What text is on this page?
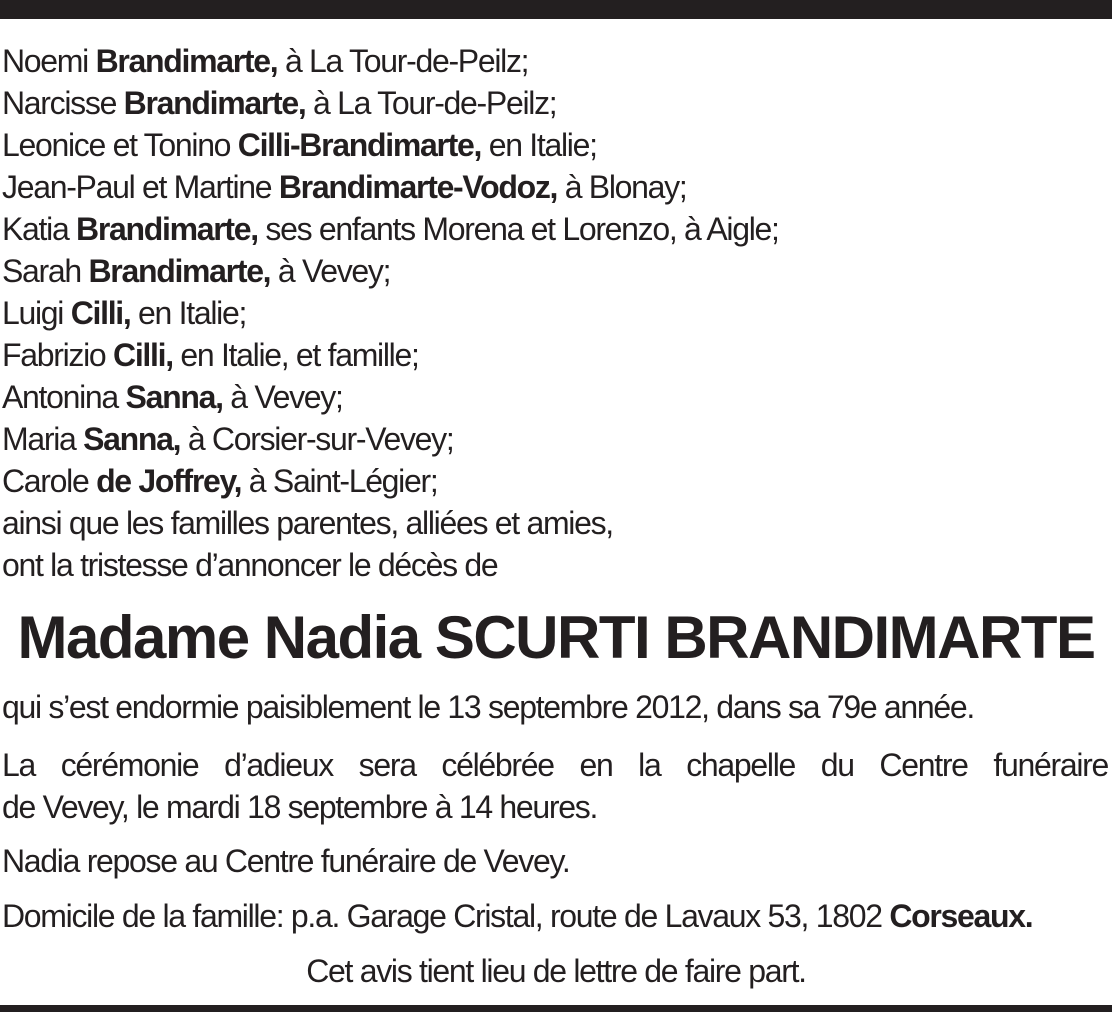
Noemi Brandimarte, à La Tour-de-Peilz;
Narcisse Brandimarte, à La Tour-de-Peilz;
Leonice et Tonino Cilli-Brandimarte, en Italie;
Jean-Paul et Martine Brandimarte-Vodoz, à Blonay;
Katia Brandimarte, ses enfants Morena et Lorenzo, à Aigle;
Sarah Brandimarte, à Vevey;
Luigi Cilli, en Italie;
Fabrizio Cilli, en Italie, et famille;
Antonina Sanna, à Vevey;
Maria Sanna, à Corsier-sur-Vevey;
Carole de Joffrey, à Saint-Légier;
ainsi que les familles parentes, alliées et amies,
ont la tristesse d’annoncer le décès de
Madame Nadia SCURTI BRANDIMARTE
qui s’est endormie paisiblement le 13 septembre 2012, dans sa 79e année.
La cérémonie d’adieux sera célébrée en la chapelle du Centre funéraire
de Vevey, le mardi 18 septembre à 14 heures.
Nadia repose au Centre funéraire de Vevey.
Domicile de la famille: p.a. Garage Cristal, route de Lavaux 53, 1802 Corseaux.
Cet avis tient lieu de lettre de faire part.
